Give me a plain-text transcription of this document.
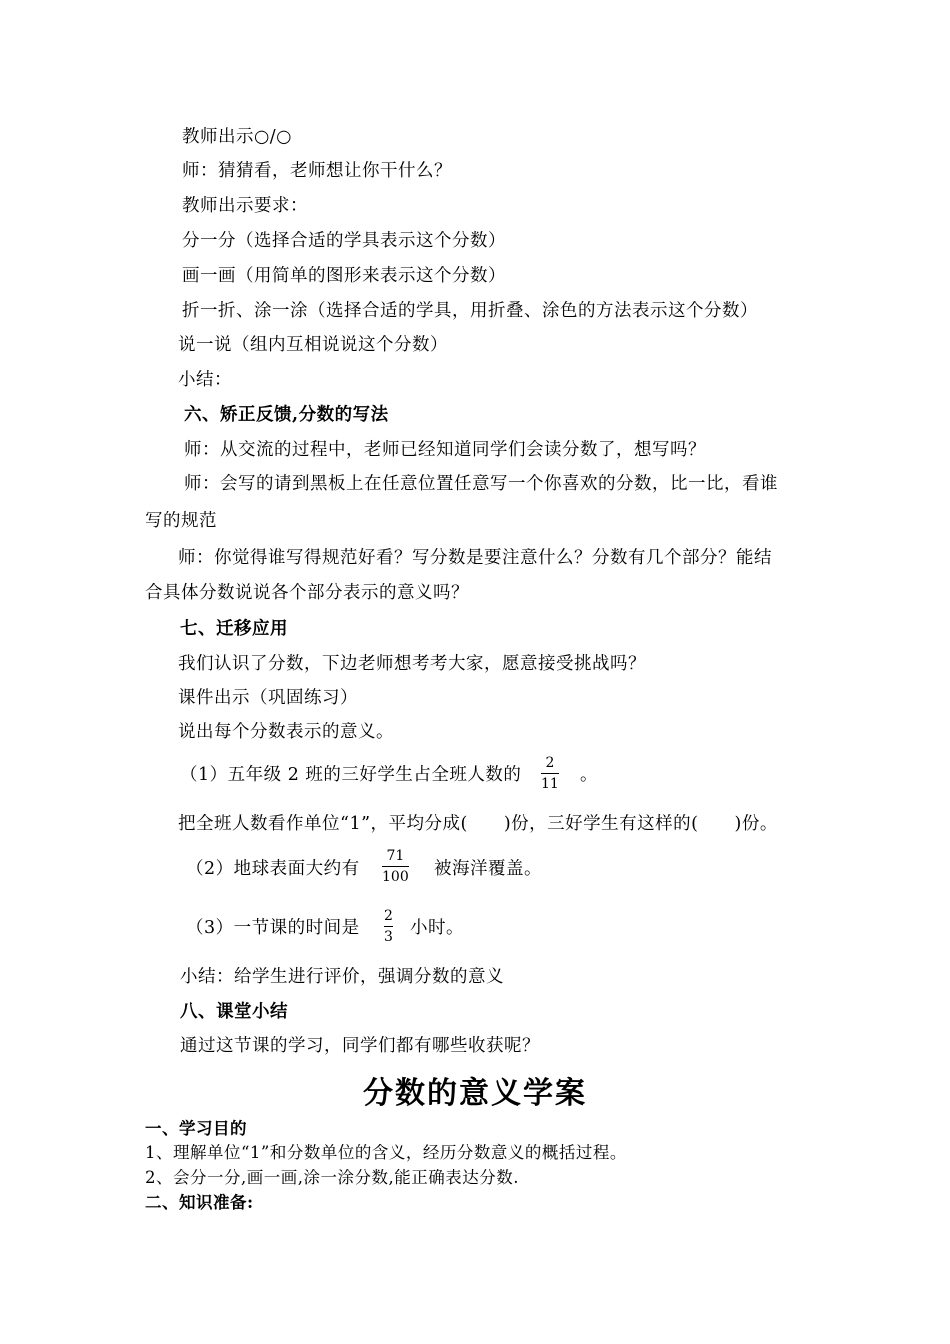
教师出示○/○
师：猜猜看，老师想让你干什么？
教师出示要求：
分一分（选择合适的学具表示这个分数）
画一画（用简单的图形来表示这个分数）
折一折、涂一涂（选择合适的学具，用折叠、涂色的方法表示这个分数）
说一说（组内互相说说这个分数）
小结：
六、矫正反馈,分数的写法
师：从交流的过程中，老师已经知道同学们会读分数了，想写吗？
师：会写的请到黑板上在任意位置任意写一个你喜欢的分数，比一比，看谁
写的规范
师：你觉得谁写得规范好看？写分数是要注意什么？分数有几个部分？能结
合具体分数说说各个部分表示的意义吗？
七、迁移应用
我们认识了分数，下边老师想考考大家，愿意接受挑战吗？
课件出示（巩固练习）
说出每个分数表示的意义。
（1）五年级 2 班的三好学生占全班人数的
2
11 。
把全班人数看作单位“1”，平均分成(　　)份，三好学生有这样的(　　)份。
（2）地球表面大约有
71
100 被海洋覆盖。
（3）一节课的时间是
2
3 小时。
小结：给学生进行评价，强调分数的意义
八、课堂小结
通过这节课的学习，同学们都有哪些收获呢？
分数的意义学案
一、学习目的
1、理解单位“1”和分数单位的含义，经历分数意义的概括过程。
2、会分一分,画一画,涂一涂分数,能正确表达分数.
二、知识准备:
